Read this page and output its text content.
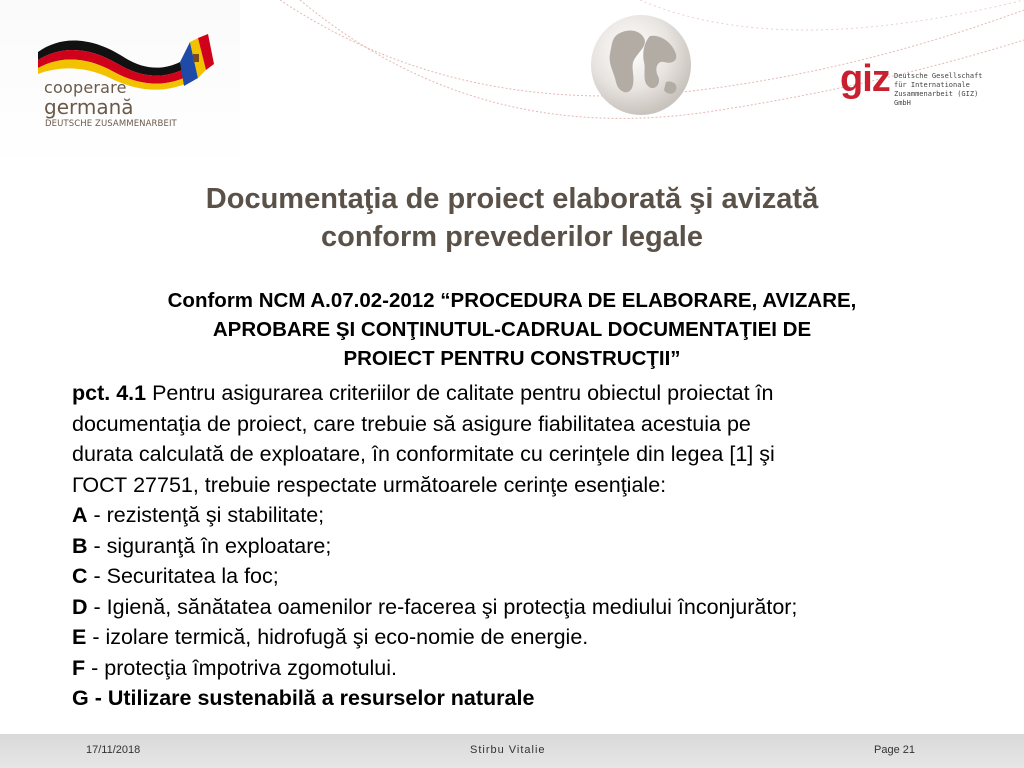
cooperare
germană
DEUTSCHE ZUSAMMENARBEIT
giz Deutsche Gesellschaft
für Internationale
Zusammenarbeit (GIZ) GmbH
Documentaţia de proiect elaborată şi avizată
conform prevederilor legale
Conform NCM A.07.02-2012 “PROCEDURA DE ELABORARE, AVIZARE,
APROBARE ŞI CONŢINUTUL-CADRUAL DOCUMENTAŢIEI DE
PROIECT PENTRU CONSTRUCŢII”

pct. 4.1 Pentru asigurarea criteriilor de calitate pentru obiectul proiectat în
documentaţia de proiect, care trebuie să asigure fiabilitatea acestuia pe
durata calculată de exploatare, în conformitate cu cerinţele din legea [1] şi
ГОСТ 27751, trebuie respectate următoarele cerinţe esenţiale:

A - rezistenţă şi stabilitate;
B - siguranţă în exploatare;
C - Securitatea la foc;
D - Igienă, sănătatea oamenilor re-facerea şi protecţia mediului înconjurător;
E - izolare termică, hidrofugă şi eco-nomie de energie.
F - protecţia împotriva zgomotului.
G - Utilizare sustenabilă a resurselor naturale
17/11/2018	Stirbu Vitalie	Page 21
